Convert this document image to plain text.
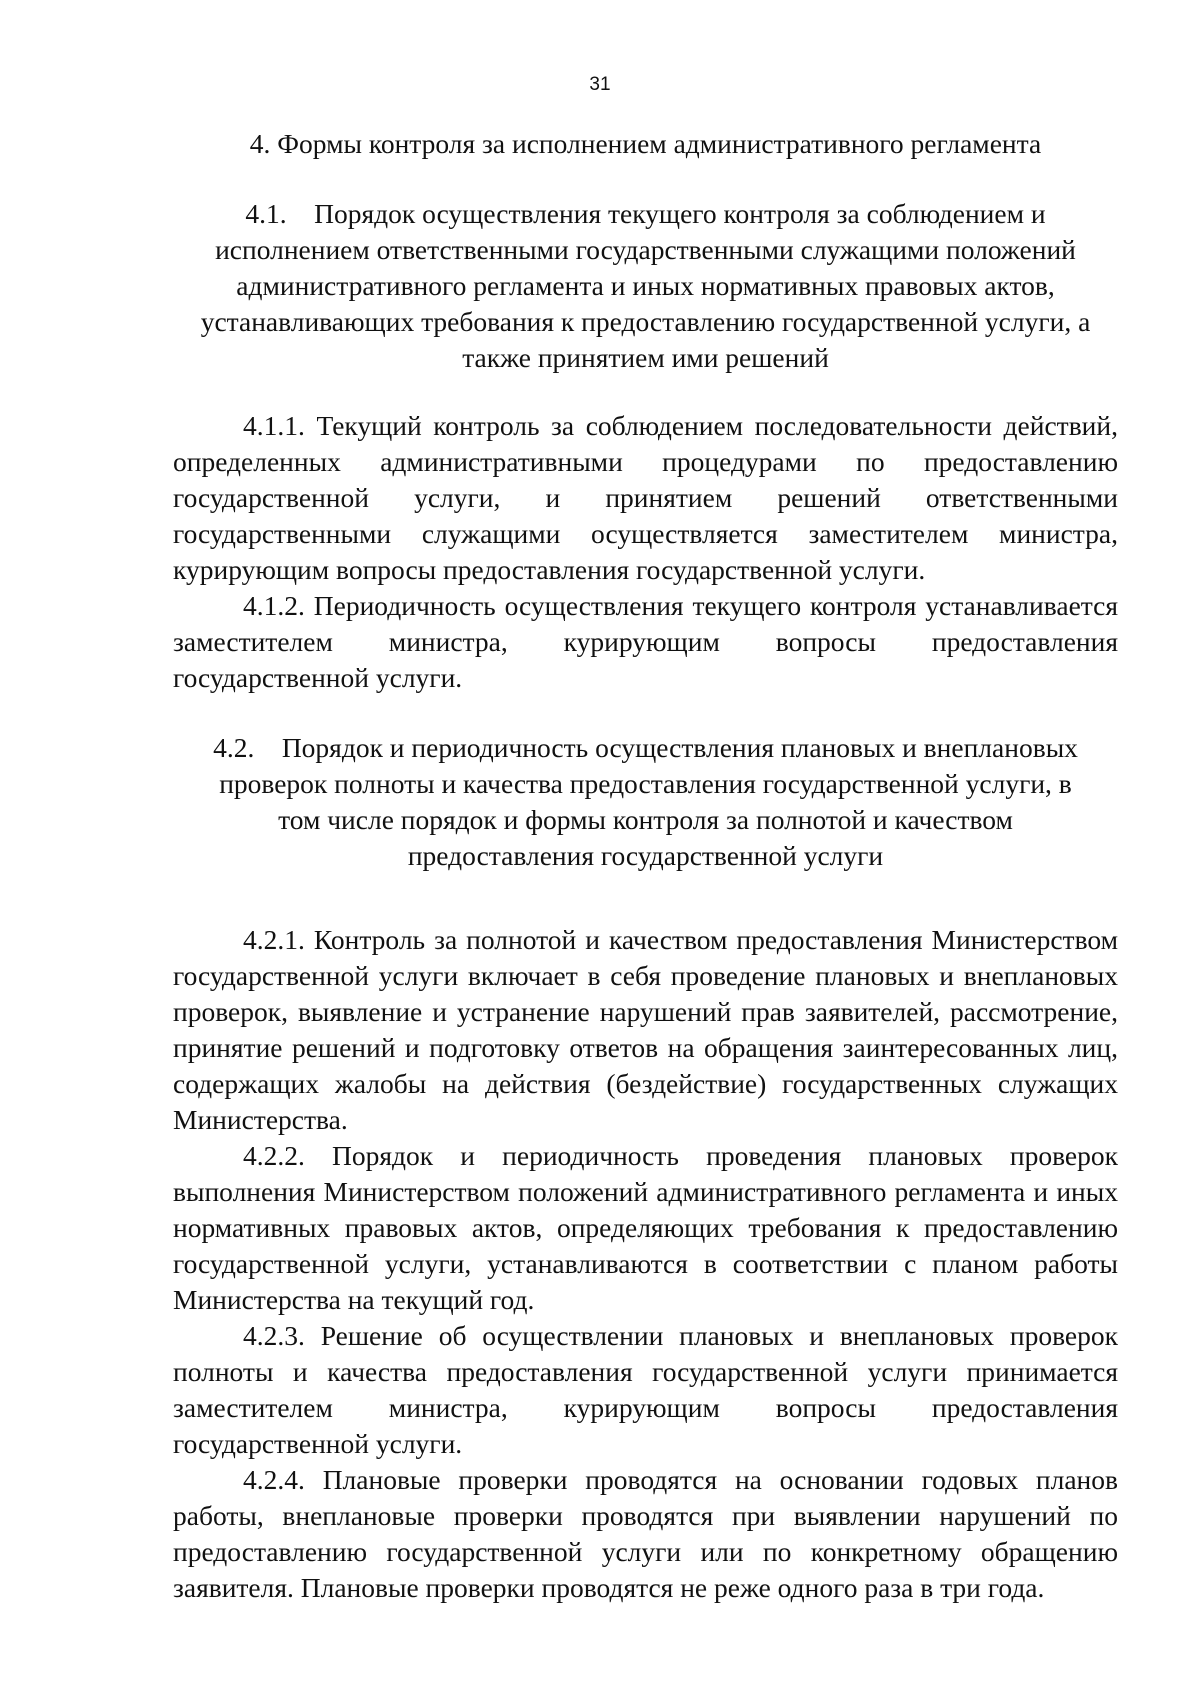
31

4. Формы контроля за исполнением административного регламента

4.1.    Порядок осуществления текущего контроля за соблюдением и исполнением ответственными государственными служащими положений административного регламента и иных нормативных правовых актов, устанавливающих требования к предоставлению государственной услуги, а также принятием ими решений

4.1.1. Текущий контроль за соблюдением последовательности действий, определенных административными процедурами по предоставлению государственной услуги, и принятием решений ответственными государственными служащими осуществляется заместителем министра, курирующим вопросы предоставления государственной услуги.

4.1.2. Периодичность осуществления текущего контроля устанавливается заместителем министра, курирующим вопросы предоставления государственной услуги.

4.2.    Порядок и периодичность осуществления плановых и внеплановых проверок полноты и качества предоставления государственной услуги, в том числе порядок и формы контроля за полнотой и качеством предоставления государственной услуги

4.2.1. Контроль за полнотой и качеством предоставления Министерством государственной услуги включает в себя проведение плановых и внеплановых проверок, выявление и устранение нарушений прав заявителей, рассмотрение, принятие решений и подготовку ответов на обращения заинтересованных лиц, содержащих жалобы на действия (бездействие) государственных служащих Министерства.

4.2.2. Порядок и периодичность проведения плановых проверок выполнения Министерством положений административного регламента и иных нормативных правовых актов, определяющих требования к предоставлению государственной услуги, устанавливаются в соответствии с планом работы Министерства на текущий год.

4.2.3. Решение об осуществлении плановых и внеплановых проверок полноты и качества предоставления государственной услуги принимается заместителем министра, курирующим вопросы предоставления государственной услуги.

4.2.4. Плановые проверки проводятся на основании годовых планов работы, внеплановые проверки проводятся при выявлении нарушений по предоставлению государственной услуги или по конкретному обращению заявителя. Плановые проверки проводятся не реже одного раза в три года.
